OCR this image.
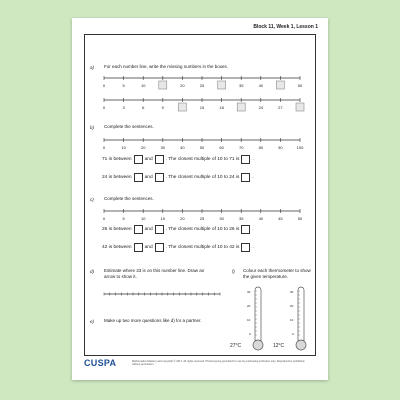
Block 11, Week 1, Lesson 1
a) For each number line, write the missing numbers in the boxes.
0	5	10	20	25	35	40	50
0	3	6	9	15	18	24	27
b) Complete the sentences.
0	10	20	30	40	50	60	70	80	90	100
71 is between	and	. The closest multiple of 10 to 71 is	.
24 is between	and	. The closest multiple of 10 to 24 is	.
c) Complete the sentences.
0	5	10	15	20	25	30	35	40	45	50
26 is between	and	. The closest multiple of 10 to 26 is	.
42 is between	and	. The closest multiple of 10 to 42 is	.
d) Estimate where 33 is on this number line. Draw an arrow to show it.
e) Make up two more questions like d) for a partner.
f) Colour each thermometer to show the given temperature.
30
20
10
0
27°C
30
20
10
0
12°C
CUSPA	Mathematics Mastery and copyright © 2017. All rights reserved. Photocopying permitted for use by purchasing institution only. Reproduction prohibited without permission.
